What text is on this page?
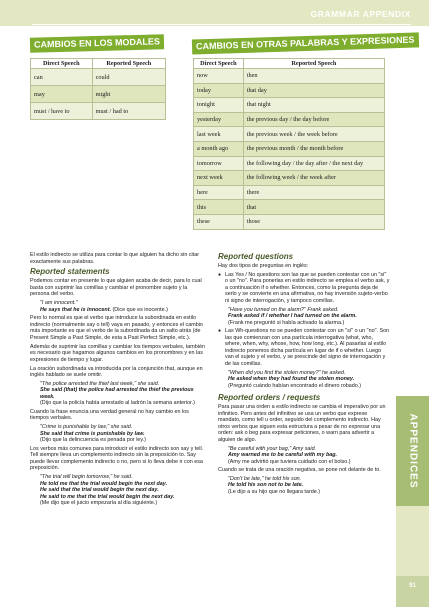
GRAMMAR APPENDIX
CAMBIOS EN LOS MODALES	CAMBIOS EN OTRAS PALABRAS Y EXPRESIONES
Direct Speech	Reported Speech
can	could
may	might
must / have to	must / had to
Direct Speech	Reported Speech
now	then
today	that day
tonight	that night
yesterday	the previous day / the day before
last week	the previous week / the week before
a month ago	the previous month / the month before
tomorrow	the following day / the day after / the next day
next week	the following week / the week after
here	there
this	that
these	those

El estilo indirecto se utiliza para contar lo que alguien ha dicho sin citar exactamente sus palabras.

Reported statements

Podemos contar en presente lo que alguien acaba de decir, para lo cual basta con suprimir las comillas y cambiar el pronombre sujeto y la persona del verbo.

"I am innocent."
He says that he is innocent. (Dice que es inocente.)

Pero lo normal es que el verbo que introduce la subordinada en estilo indirecto (normalmente say o tell) vaya en pasado, y entonces el cambio más importante es que el verbo de la subordinada da un salto atrás (de Present Simple a Past Simple, de esta a Past Perfect Simple, etc.).

Además de suprimir las comillas y cambiar los tiempos verbales, también es necesario que hagamos algunos cambios en los pronombres y en las expresiones de tiempo y lugar.

La oración subordinada va introducida por la conjunción that, aunque en inglés hablado se suele omitir.

"The police arrested the thief last week," she said.
She said (that) the police had arrested the thief the previous week.
(Dijo que la policía había arrestado al ladrón la semana anterior.)

Cuando la frase enuncia una verdad general no hay cambio en los tiempos verbales.

"Crime is punishable by law," she said.
She said that crime is punishable by law.
(Dijo que la delincuencia es penada por ley.)

Los verbos más comunes para introducir el estilo indirecto son say y tell. Tell siempre lleva un complemento indirecto sin la preposición to. Say puede llevar complemento indirecto o no, pero si lo lleva debe ir con esa preposición.

"The trial will begin tomorrow," he said.
He told me that the trial would begin the next day.
He said that the trial would begin the next day.
He said to me that the trial would begin the next day.
(Me dijo que el juicio empezaría al día siguiente.)
Reported questions

Hay dos tipos de preguntas en inglés:

● Las Yes / No questions son las que se pueden contestar con un "sí" o un "no". Para ponerlas en estilo indirecto se emplea el verbo ask, y a continuación if o whether. Entonces, como la pregunta deja de serlo y se convierte en una afirmativa, no hay inversión sujeto-verbo ni signo de interrogación, y tampoco comillas.

"Have you turned on the alarm?" Frank asked.
Frank asked if / whether I had turned on the alarm.
(Frank me preguntó si había activado la alarma.)

● Las Wh-questions no se pueden contestar con un "sí" o un "no". Son las que comienzan con una partícula interrogativa (what, who, where, when, why, whose, how, how long, etc.). Al pasarlas al estilo indirecto ponemos dicha partícula en lugar de if o whether. Luego van el sujeto y el verbo, y se prescinde del signo de interrogación y de las comillas.

"When did you find the stolen money?" he asked.
He asked when they had found the stolen money.
(Preguntó cuándo habían encontrado el dinero robado.)
Reported orders / requests

Para pasar una orden a estilo indirecto se cambia el imperativo por un infinitivo. Pero antes del infinitivo se usa un verbo que exprese mandato, como tell u order, seguido del complemento indirecto. Hay otros verbos que siguen esta estructura a pesar de no expresar una orden: ask o beg para expresar peticiones, o warn para advertir a alguien de algo.

"Be careful with your bag," Amy said.
Amy warned me to be careful with my bag.
(Amy me advirtió que tuviera cuidado con el bolso.)

Cuando se trata de una oración negativa, se pone not delante de to.

"Don't be late," he told his son.
He told his son not to be late.
(Le dijo a su hijo que no llegara tarde.)
APPENDICES
91
